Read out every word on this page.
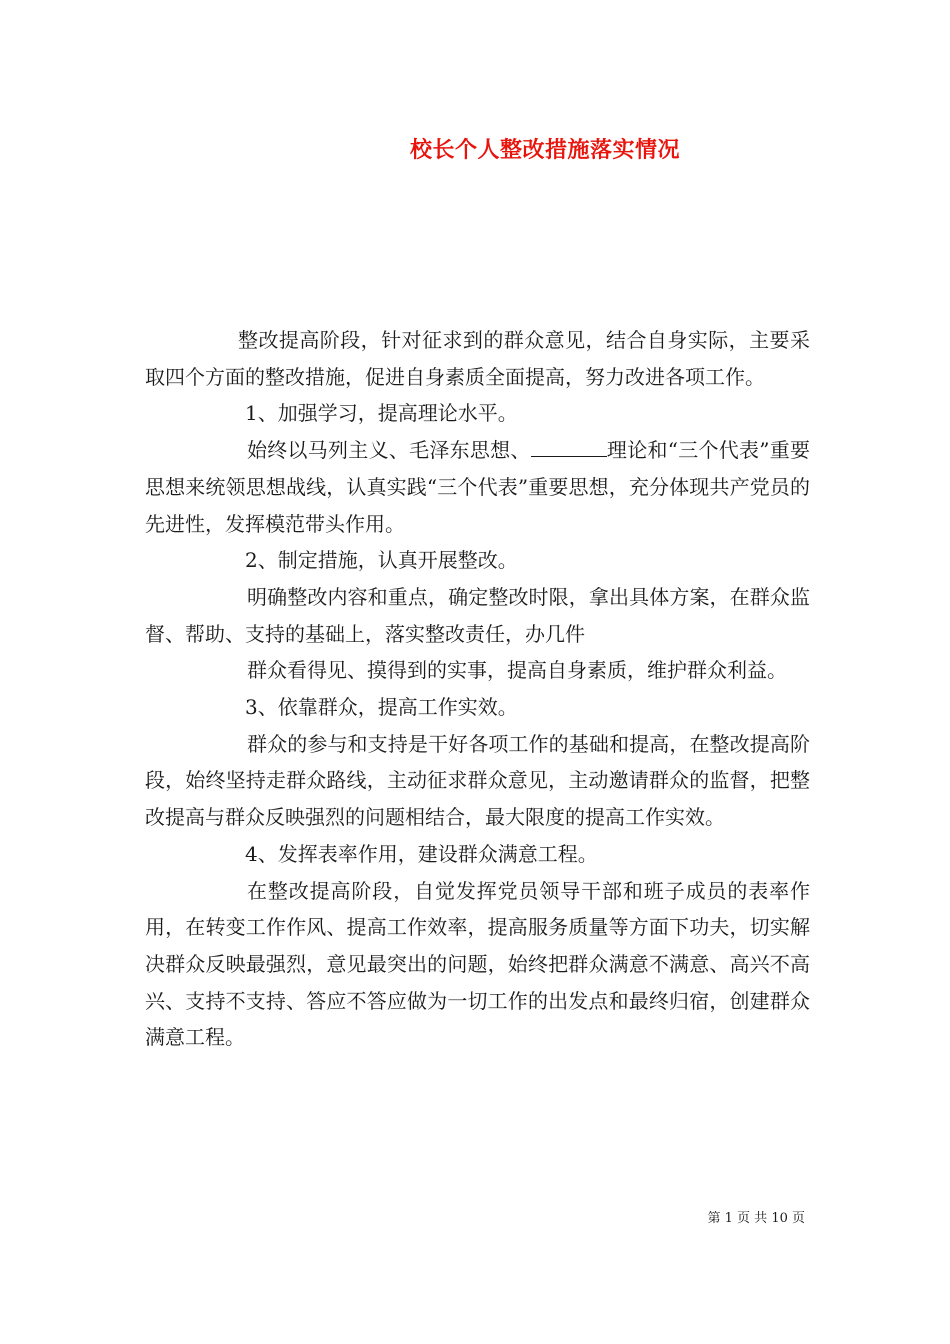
校长个人整改措施落实情况

整改提高阶段，针对征求到的群众意见，结合自身实际，主要采取四个方面的整改措施，促进自身素质全面提高，努力改进各项工作。

1、加强学习，提高理论水平。

始终以马列主义、毛泽东思想、	理论和“三个代表”重要思想来统领思想战线，认真实践“三个代表”重要思想，充分体现共产党员的先进性，发挥模范带头作用。

2、制定措施，认真开展整改。

明确整改内容和重点，确定整改时限，拿出具体方案，在群众监督、帮助、支持的基础上，落实整改责任，办几件

群众看得见、摸得到的实事，提高自身素质，维护群众利益。

3、依靠群众，提高工作实效。

群众的参与和支持是干好各项工作的基础和提高，在整改提高阶段，始终坚持走群众路线，主动征求群众意见，主动邀请群众的监督，把整改提高与群众反映强烈的问题相结合，最大限度的提高工作实效。

4、发挥表率作用，建设群众满意工程。

在整改提高阶段，自觉发挥党员领导干部和班子成员的表率作用，在转变工作作风、提高工作效率，提高服务质量等方面下功夫，切实解决群众反映最强烈，意见最突出的问题，始终把群众满意不满意、高兴不高兴、支持不支持、答应不答应做为一切工作的出发点和最终归宿，创建群众满意工程。

第 1 页 共 10 页
